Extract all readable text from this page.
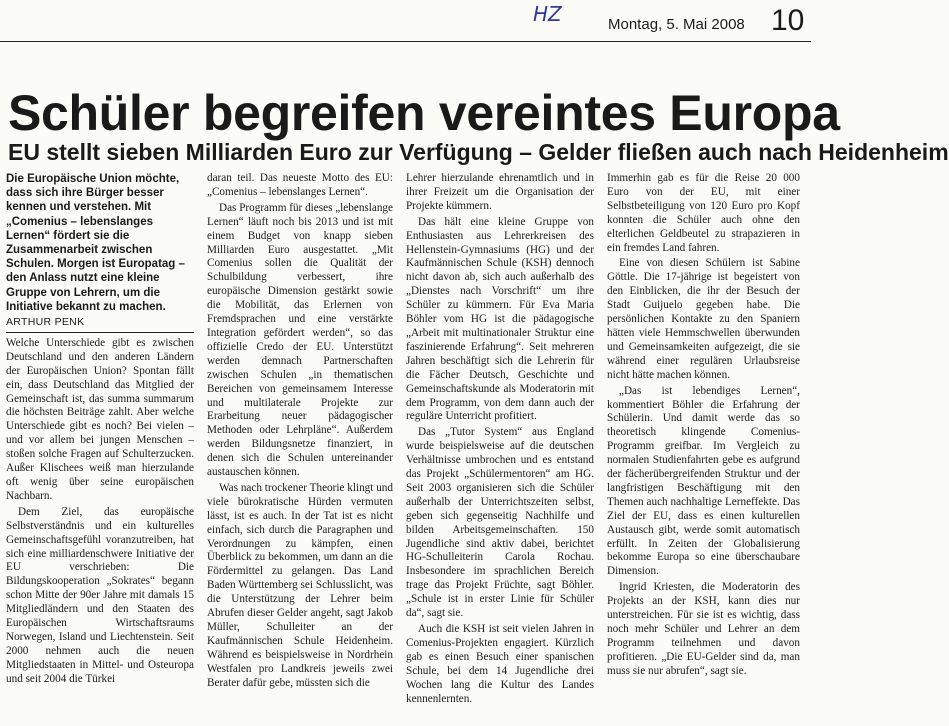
HZ	Montag, 5. Mai 2008 10
Schüler begreifen vereintes Europa
EU stellt sieben Milliarden Euro zur Verfügung – Gelder fließen auch nach Heidenheim

Die Europäische Union möchte, dass sich ihre Bürger besser kennen und verstehen. Mit „Comenius – lebenslanges Lernen“ fördert sie die Zusammenarbeit zwischen Schulen. Morgen ist Europatag – den Anlass nutzt eine kleine Gruppe von Lehrern, um die Initiative bekannt zu machen.

ARTHUR PENK

Welche Unterschiede gibt es zwischen Deutschland und den anderen Ländern der Europäischen Union? Spontan fällt ein, dass Deutschland das Mitglied der Gemeinschaft ist, das summa summarum die höchsten Beiträge zahlt. Aber welche Unterschiede gibt es noch? Bei vielen – und vor allem bei jungen Menschen – stoßen solche Fragen auf Schulterzucken. Außer Klischees weiß man hierzulande oft wenig über seine europäischen Nachbarn.

Dem Ziel, das europäische Selbstverständnis und ein kulturelles Gemeinschaftsgefühl voranzutreiben, hat sich eine milliardenschwere Initiative der EU verschrieben: Die Bildungskooperation „Sokrates“ begann schon Mitte der 90er Jahre mit damals 15 Mitgliedländern und den Staaten des Europäischen Wirtschaftsraums Norwegen, Island und Liechtenstein. Seit 2000 nehmen auch die neuen Mitgliedstaaten in Mittel- und Osteuropa und seit 2004 die Türkei

daran teil. Das neueste Motto des EU: „Comenius – lebenslanges Lernen“.

Das Programm für dieses „lebenslange Lernen“ läuft noch bis 2013 und ist mit einem Budget von knapp sieben Milliarden Euro ausgestattet. „Mit Comenius sollen die Qualität der Schulbildung verbessert, ihre europäische Dimension gestärkt sowie die Mobilität, das Erlernen von Fremdsprachen und eine verstärkte Integration gefördert werden“, so das offizielle Credo der EU. Unterstützt werden demnach Partnerschaften zwischen Schulen „in thematischen Bereichen von gemeinsamem Interesse und multilaterale Projekte zur Erarbeitung neuer pädagogischer Methoden oder Lehrpläne“. Außerdem werden Bildungsnetze finanziert, in denen sich die Schulen untereinander austauschen können.

Was nach trockener Theorie klingt und viele bürokratische Hürden vermuten lässt, ist es auch. In der Tat ist es nicht einfach, sich durch die Paragraphen und Verordnungen zu kämpfen, einen Überblick zu bekommen, um dann an die Fördermittel zu gelangen. Das Land Baden Württemberg sei Schlusslicht, was die Unterstützung der Lehrer beim Abrufen dieser Gelder angeht, sagt Jakob Müller, Schulleiter an der Kaufmännischen Schule Heidenheim. Während es beispielsweise in Nordrhein Westfalen pro Landkreis jeweils zwei Berater dafür gebe, müssten sich die

Lehrer hierzulande ehrenamtlich und in ihrer Freizeit um die Organisation der Projekte kümmern.

Das hält eine kleine Gruppe von Enthusiasten aus Lehrerkreisen des Hellenstein-Gymnasiums (HG) und der Kaufmännischen Schule (KSH) dennoch nicht davon ab, sich auch außerhalb des „Dienstes nach Vorschrift“ um ihre Schüler zu kümmern. Für Eva Maria Böhler vom HG ist die pädagogische „Arbeit mit multinationaler Struktur eine faszinierende Erfahrung“. Seit mehreren Jahren beschäftigt sich die Lehrerin für die Fächer Deutsch, Geschichte und Gemeinschaftskunde als Moderatorin mit dem Programm, von dem dann auch der reguläre Unterricht profitiert.

Das „Tutor System“ aus England wurde beispielsweise auf die deutschen Verhältnisse umbrochen und es entstand das Projekt „Schülermentoren“ am HG. Seit 2003 organisieren sich die Schüler außerhalb der Unterrichtszeiten selbst, geben sich gegenseitig Nachhilfe und bilden Arbeitsgemeinschaften. 150 Jugendliche sind aktiv dabei, berichtet HG-Schulleiterin Carola Rochau. Insbesondere im sprachlichen Bereich trage das Projekt Früchte, sagt Böhler. „Schule ist in erster Linie für Schüler da“, sagt sie.

Auch die KSH ist seit vielen Jahren in Comenius-Projekten engagiert. Kürzlich gab es einen Besuch einer spanischen Schule, bei dem 14 Jugendliche drei Wochen lang die Kultur des Landes kennenlernten.

Immerhin gab es für die Reise 20 000 Euro von der EU, mit einer Selbstbeteiligung von 120 Euro pro Kopf konnten die Schüler auch ohne den elterlichen Geldbeutel zu strapazieren in ein fremdes Land fahren.

Eine von diesen Schülern ist Sabine Göttle. Die 17-jährige ist begeistert von den Einblicken, die ihr der Besuch der Stadt Guijuelo gegeben habe. Die persönlichen Kontakte zu den Spaniern hätten viele Hemmschwellen überwunden und Gemeinsamkeiten aufgezeigt, die sie während einer regulären Urlaubsreise nicht hätte machen können.

„Das ist lebendiges Lernen“, kommentiert Böhler die Erfahrung der Schülerin. Und damit werde das so theoretisch klingende Comenius-Programm greifbar. Im Vergleich zu normalen Studienfahrten gebe es aufgrund der fächerübergreifenden Struktur und der langfristigen Beschäftigung mit den Themen auch nachhaltige Lerneffekte. Das Ziel der EU, dass es einen kulturellen Austausch gibt, werde somit automatisch erfüllt. In Zeiten der Globalisierung bekomme Europa so eine überschaubare Dimension.

Ingrid Kriesten, die Moderatorin des Projekts an der KSH, kann dies nur unterstreichen. Für sie ist es wichtig, dass noch mehr Schüler und Lehrer an dem Programm teilnehmen und davon profitieren. „Die EU-Gelder sind da, man muss sie nur abrufen“, sagt sie.
